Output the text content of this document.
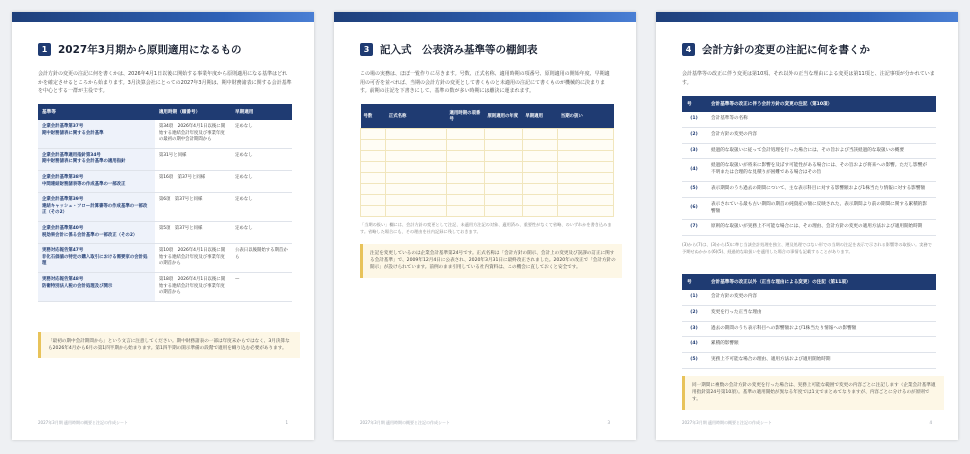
1	2027年3月期から原則適用になるもの
会計方針の変更の注記に何を書くかは、2026年4月1日以後に開始する事業年度から原則適用になる基準はどれかを確定させるところから始まります。3月決算会社にとっての2027年3月期は、期中財務諸表に関する会計基準を中心とする一群が主役です。
基準等	適用時期（順番号）	早期適用
企業会計基準第37号
期中財務諸表に関する会計基準	第34項　2026年4月1日以後に開始する連結会計年度及び事業年度の最初の期中会計期間から	定めなし
企業会計基準適用指針第34号
期中財務諸表に関する会計基準の適用指針	第31号と同様	定めなし
企業会計基準第38号
中間連結財務諸表等の作成基準の一部改正	第16項　第37号と同様	定めなし
企業会計基準第39号
連結キャッシュ・フロー計算書等の作成基準の一部改正（その2）	第6項　第37号と同様	定めなし
企業会計基準第40号
税効果会計に係る会計基準の一部改正（その2）	第5項　第37号と同様	定めなし
実務対応報告第47号
非化石価値の特定の購入取引における需要家の会計処理	第10項　2026年4月1日以後に開始する連結会計年度及び事業年度の期首から	公表日以後開始する期首から
実務対応報告第48号
防衛特別法人税の会計処理及び開示	第18項　2026年4月1日以後に開始する連結会計年度及び事業年度の期首から	—
「最初の期中会計期間から」という文言に注意してください。期中財務諸表の一部は年度末からではなく、3月決算なら2026年4月から6月の第1四半期から始まります。第1四半期の開示準備の段階で適用を織り込む必要があります。
2027年3月期 適用時期の概要と注記の作成シート	1
3	記入式　公表済み基準等の棚卸表
この場の実務は、ほぼ一覧作りに尽きます。号数、正式名称、適用時期の項番号、原則適用の開始年度、早期適用の可否を並べれば、当期の会計方針の変更として書くものと未適用の注記にて書くものが機械的に決まります。前期の注記を下書きにして、基準の数が多い時期には離決に運まれます。
号数	正式名称	適用時期の項番号	原則適用の年度	早期適用	当期の扱い

「当期の扱い」欄には、会計方針の変更として注記、未適用方注記の対象、適用済み、重要性がなくて省略、のいずれかを書き込みます。省略した場合にも、その理由を社内記録に残しておきます。
注記を変更しているのは企業会計基準第24号です。正式名称は「会計方針の開示、会計上の変更及び誤謬の訂正に関する会計基準」で、2009年12月4日に公表され、2020年3月31日に最終改正されました。2020年の改正で「会計方針の開示」が設けられています。前例のまま引用している社内資料は、この機会に直しておくと安全です。
2027年3月期 適用時期の概要と注記の作成シート	3
4	会計方針の変更の注記に何を書くか
会計基準等の改正に伴う変更は第10項、それ以外の正当な理由による変更は第11項と、注記事項が分かれています。
号	会計基準等の改正に伴う会計方針の変更の注記（第10項）
(1)	会計基準等の名称
(2)	会計方針の変更の内容
(3)	経過的な取扱いに従って会計処理を行った場合には、その旨および当該経過的な取扱いの概要
(4)	経過的な取扱いが将来に影響を及ぼす可能性がある場合には、その旨および将来への影響。ただし影響が不明または合理的な見積りが困難である場合はその旨
(5)	表示期間のうち過去の期間について、主な表示科目に対する影響額および1株当たり情報に対する影響額
(6)	表示されている最も古い期間の期首の純資産の額に反映された、表示期間より前の期間に関する累積的影響額
(7)	原則的な取扱いが実務上不可能な場合には、その理由、会計方針の変更の適用方法および適用開始時期
(3)から(7)は、(3)から(5)に準じ当該会計処理を独立、遡及処理ではない形での当期の注記を表示で示される影響等の取扱い。実務で予期せぬかかる(6)(5)、経過的な取扱いを適用した場合の事情も記載することがあります。
号	会計基準等の改正以外（正当な理由による変更）の注記（第11項）
(1)	会計方針の変更の内容
(2)	変更を行った正当な理由
(3)	過去の期間のうち表示科目への影響額および1株当たり情報への影響額
(4)	累積的影響額
(5)	実務上不可能な場合の理由、適用方法および適用開始時期
同一期間に複数の会計方針の変更を行った場合は、実務上可能な範囲で変更の内容ごとに注記します（企業会計基準適用指針第24号第10項）。基準の適用開始が異なる年度では1文でまとめてなりますが、内容ごとに分けるのが原則です。
2027年3月期 適用時期の概要と注記の作成シート	4
